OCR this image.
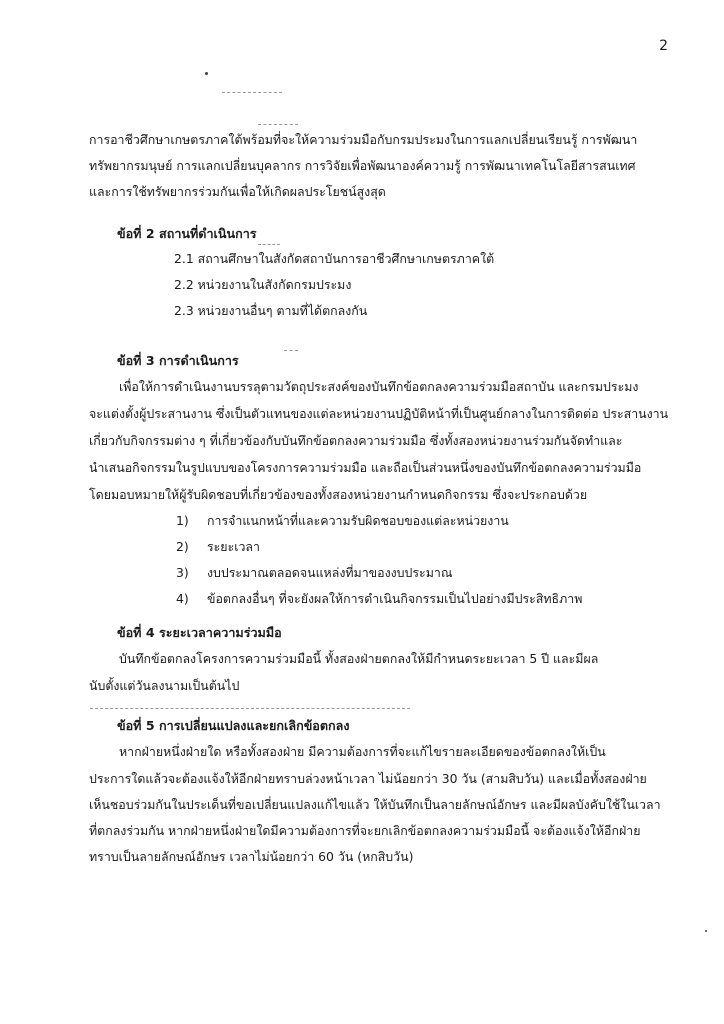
2
การอาชีวศึกษาเกษตรภาคใต้พร้อมที่จะให้ความร่วมมือกับกรมประมงในการแลกเปลี่ยนเรียนรู้ การพัฒนา
ทรัพยากรมนุษย์ การแลกเปลี่ยนบุคลากร การวิจัยเพื่อพัฒนาองค์ความรู้ การพัฒนาเทคโนโลยีสารสนเทศ
และการใช้ทรัพยากรร่วมกันเพื่อให้เกิดผลประโยชน์สูงสุด
ข้อที่ 2 สถานที่ดำเนินการ
2.1 สถานศึกษาในสังกัดสถาบันการอาชีวศึกษาเกษตรภาคใต้
2.2 หน่วยงานในสังกัดกรมประมง
2.3 หน่วยงานอื่นๆ ตามที่ได้ตกลงกัน
ข้อที่ 3 การดำเนินการ
เพื่อให้การดำเนินงานบรรลุตามวัตถุประสงค์ของบันทึกข้อตกลงความร่วมมือสถาบัน และกรมประมง
จะแต่งตั้งผู้ประสานงาน ซึ่งเป็นตัวแทนของแต่ละหน่วยงานปฏิบัติหน้าที่เป็นศูนย์กลางในการติดต่อ ประสานงาน
เกี่ยวกับกิจกรรมต่าง ๆ ที่เกี่ยวข้องกับบันทึกข้อตกลงความร่วมมือ ซึ่งทั้งสองหน่วยงานร่วมกันจัดทำและ
นำเสนอกิจกรรมในรูปแบบของโครงการความร่วมมือ และถือเป็นส่วนหนึ่งของบันทึกข้อตกลงความร่วมมือ
โดยมอบหมายให้ผู้รับผิดชอบที่เกี่ยวข้องของทั้งสองหน่วยงานกำหนดกิจกรรม ซึ่งจะประกอบด้วย
1) การจำแนกหน้าที่และความรับผิดชอบของแต่ละหน่วยงาน
2) ระยะเวลา
3) งบประมาณตลอดจนแหล่งที่มาของงบประมาณ
4) ข้อตกลงอื่นๆ ที่จะยังผลให้การดำเนินกิจกรรมเป็นไปอย่างมีประสิทธิภาพ
ข้อที่ 4 ระยะเวลาความร่วมมือ
บันทึกข้อตกลงโครงการความร่วมมือนี้ ทั้งสองฝ่ายตกลงให้มีกำหนดระยะเวลา 5 ปี และมีผล
นับตั้งแต่วันลงนามเป็นต้นไป
ข้อที่ 5 การเปลี่ยนแปลงและยกเลิกข้อตกลง
หากฝ่ายหนึ่งฝ่ายใด หรือทั้งสองฝ่าย มีความต้องการที่จะแก้ไขรายละเอียดของข้อตกลงให้เป็น
ประการใดแล้วจะต้องแจ้งให้อีกฝ่ายทราบล่วงหน้าเวลา ไม่น้อยกว่า 30 วัน (สามสิบวัน) และเมื่อทั้งสองฝ่าย
เห็นชอบร่วมกันในประเด็นที่ขอเปลี่ยนแปลงแก้ไขแล้ว ให้บันทึกเป็นลายลักษณ์อักษร และมีผลบังคับใช้ในเวลา
ที่ตกลงร่วมกัน หากฝ่ายหนึ่งฝ่ายใดมีความต้องการที่จะยกเลิกข้อตกลงความร่วมมือนี้ จะต้องแจ้งให้อีกฝ่าย
ทราบเป็นลายลักษณ์อักษร เวลาไม่น้อยกว่า 60 วัน (หกสิบวัน)
